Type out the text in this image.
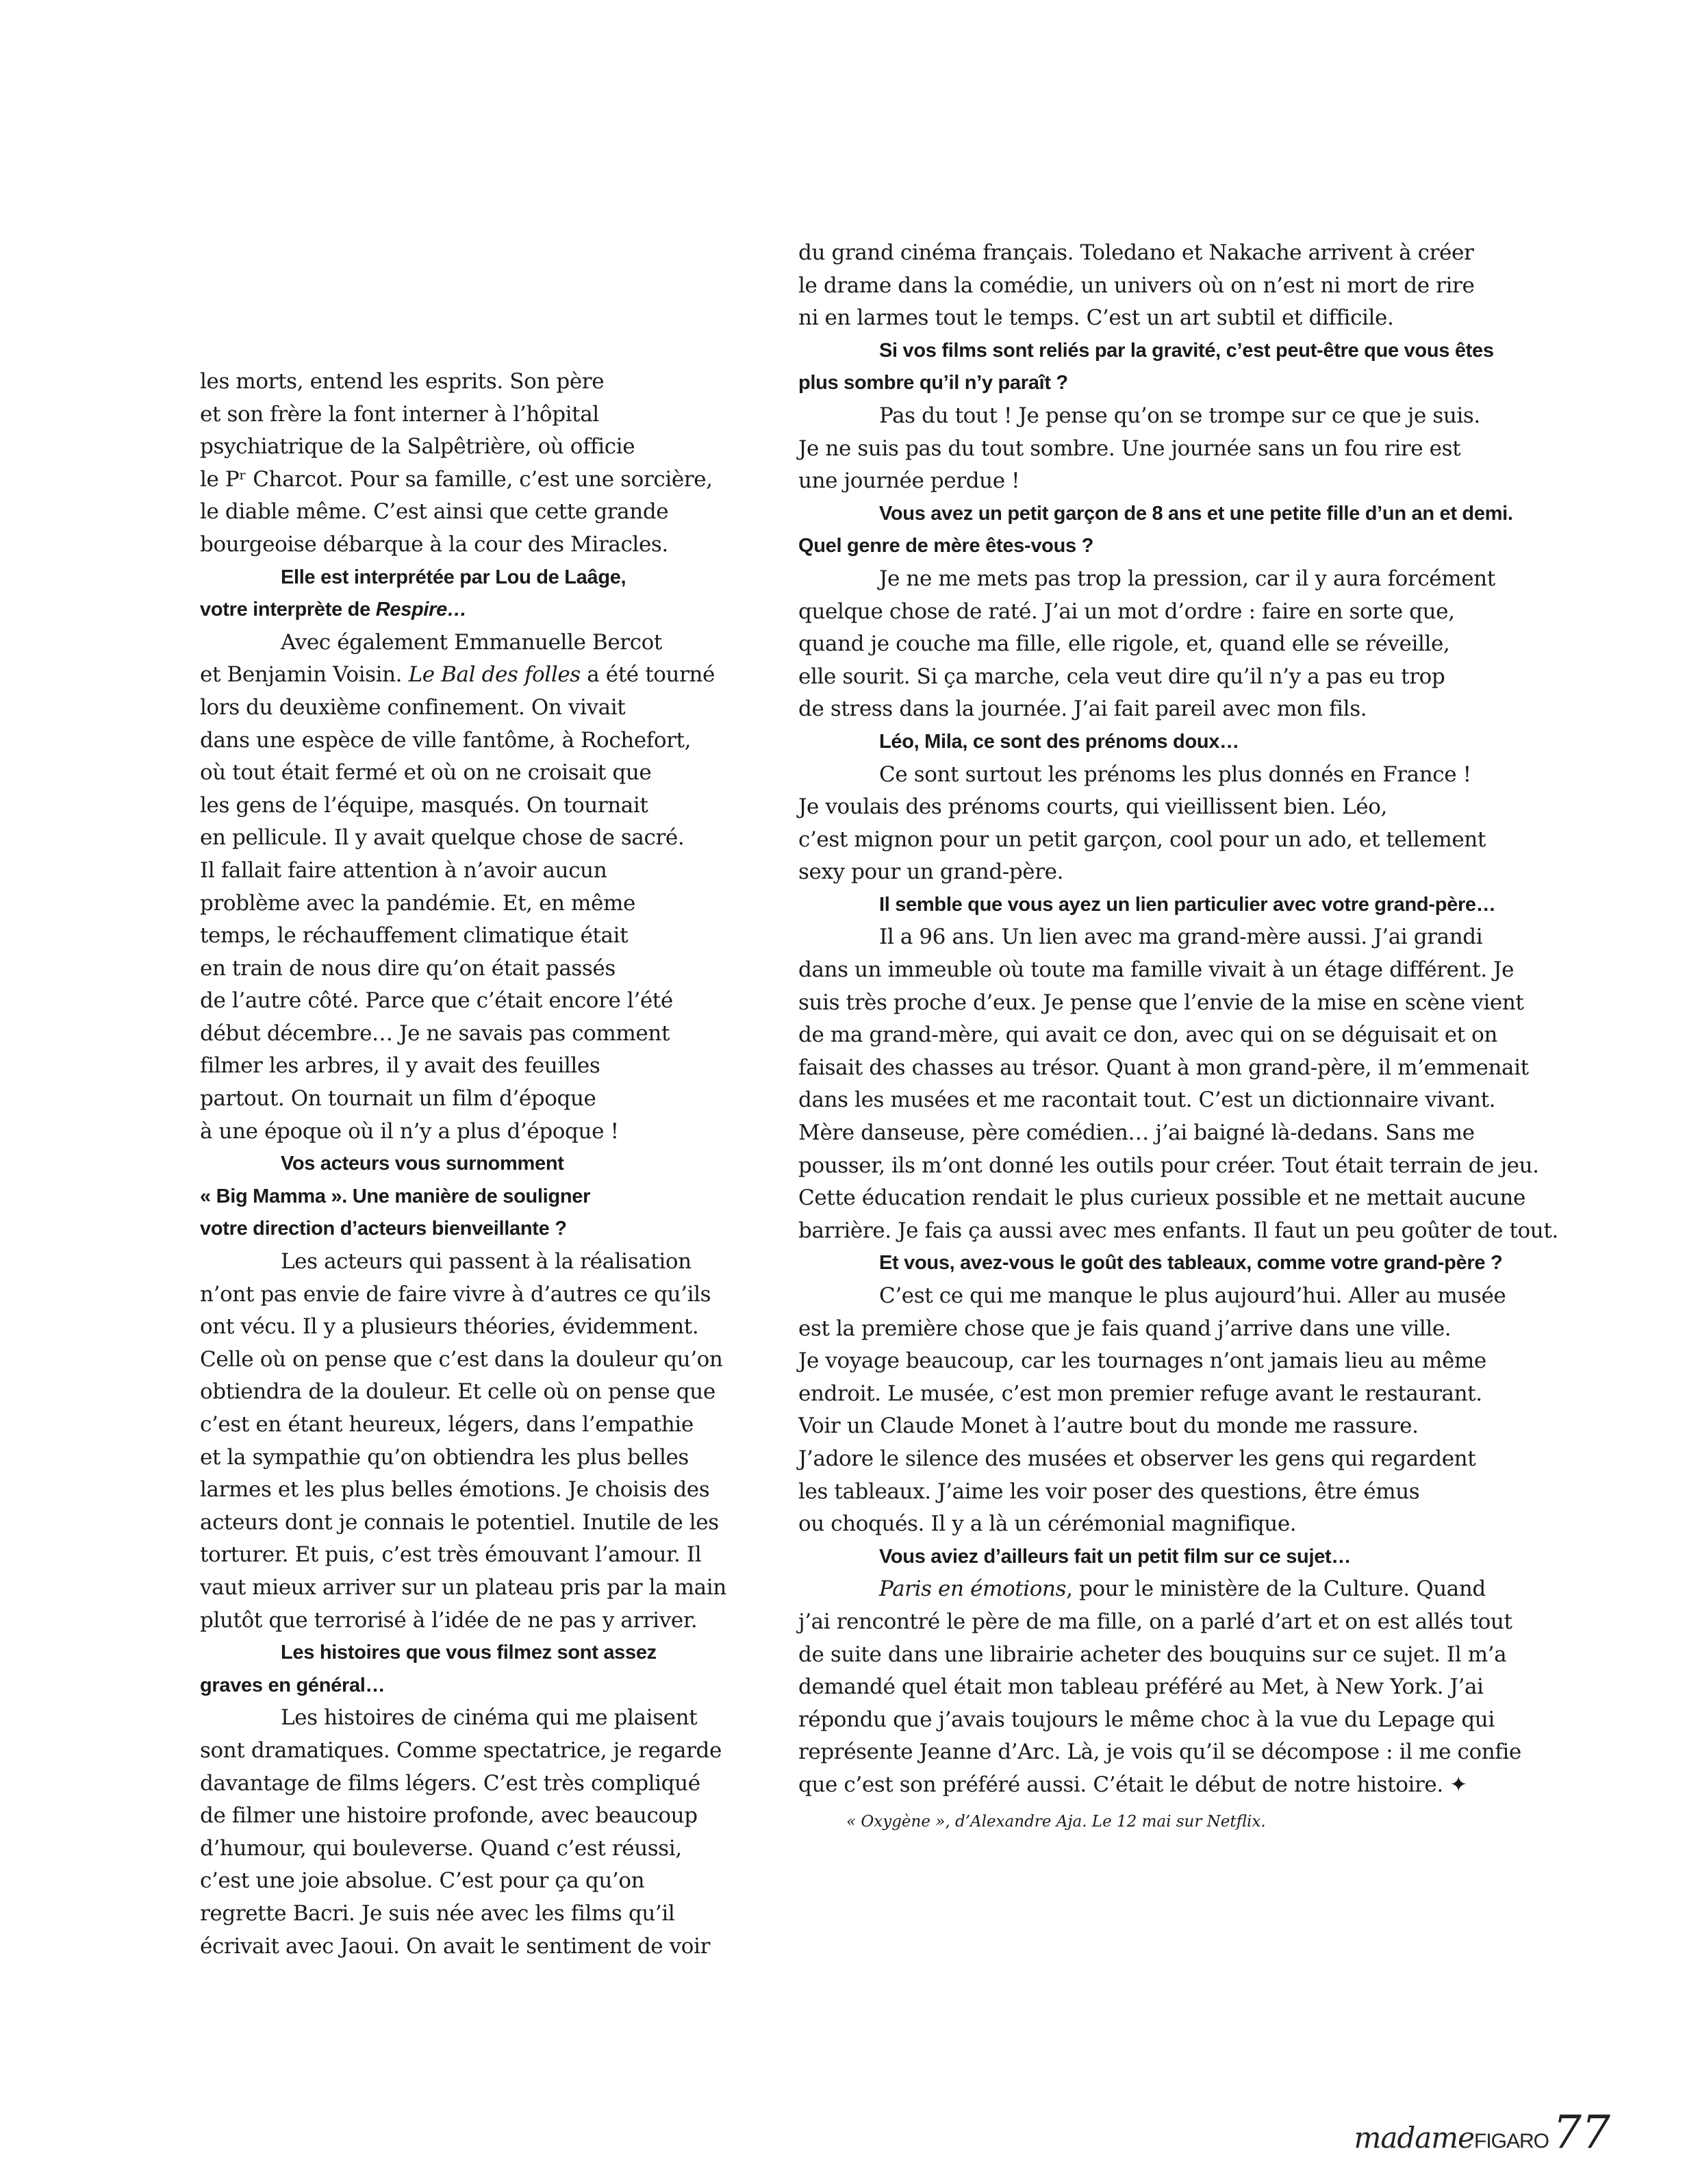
les morts, entend les esprits. Son père
et son frère la font interner à l’hôpital
psychiatrique de la Salpêtrière, où officie
le Pʳ Charcot. Pour sa famille, c’est une sorcière,
le diable même. C’est ainsi que cette grande
bourgeoise débarque à la cour des Miracles.
Elle est interprétée par Lou de Laâge,
votre interprète de Respire…
Avec également Emmanuelle Bercot
et Benjamin Voisin. Le Bal des folles a été tourné
lors du deuxième confinement. On vivait
dans une espèce de ville fantôme, à Rochefort,
où tout était fermé et où on ne croisait que
les gens de l’équipe, masqués. On tournait
en pellicule. Il y avait quelque chose de sacré.
Il fallait faire attention à n’avoir aucun
problème avec la pandémie. Et, en même
temps, le réchauffement climatique était
en train de nous dire qu’on était passés
de l’autre côté. Parce que c’était encore l’été
début décembre… Je ne savais pas comment
filmer les arbres, il y avait des feuilles
partout. On tournait un film d’époque
à une époque où il n’y a plus d’époque !
Vos acteurs vous surnomment
« Big Mamma ». Une manière de souligner
votre direction d’acteurs bienveillante ?
Les acteurs qui passent à la réalisation
n’ont pas envie de faire vivre à d’autres ce qu’ils
ont vécu. Il y a plusieurs théories, évidemment.
Celle où on pense que c’est dans la douleur qu’on
obtiendra de la douleur. Et celle où on pense que
c’est en étant heureux, légers, dans l’empathie
et la sympathie qu’on obtiendra les plus belles
larmes et les plus belles émotions. Je choisis des
acteurs dont je connais le potentiel. Inutile de les
torturer. Et puis, c’est très émouvant l’amour. Il
vaut mieux arriver sur un plateau pris par la main
plutôt que terrorisé à l’idée de ne pas y arriver.
Les histoires que vous filmez sont assez
graves en général…
Les histoires de cinéma qui me plaisent
sont dramatiques. Comme spectatrice, je regarde
davantage de films légers. C’est très compliqué
de filmer une histoire profonde, avec beaucoup
d’humour, qui bouleverse. Quand c’est réussi,
c’est une joie absolue. C’est pour ça qu’on
regrette Bacri. Je suis née avec les films qu’il
écrivait avec Jaoui. On avait le sentiment de voir
du grand cinéma français. Toledano et Nakache arrivent à créer
le drame dans la comédie, un univers où on n’est ni mort de rire
ni en larmes tout le temps. C’est un art subtil et difficile.
Si vos films sont reliés par la gravité, c’est peut-être que vous êtes
plus sombre qu’il n’y paraît ?
Pas du tout ! Je pense qu’on se trompe sur ce que je suis.
Je ne suis pas du tout sombre. Une journée sans un fou rire est
une journée perdue !
Vous avez un petit garçon de 8 ans et une petite fille d’un an et demi.
Quel genre de mère êtes-vous ?
Je ne me mets pas trop la pression, car il y aura forcément
quelque chose de raté. J’ai un mot d’ordre : faire en sorte que,
quand je couche ma fille, elle rigole, et, quand elle se réveille,
elle sourit. Si ça marche, cela veut dire qu’il n’y a pas eu trop
de stress dans la journée. J’ai fait pareil avec mon fils.
Léo, Mila, ce sont des prénoms doux…
Ce sont surtout les prénoms les plus donnés en France !
Je voulais des prénoms courts, qui vieillissent bien. Léo,
c’est mignon pour un petit garçon, cool pour un ado, et tellement
sexy pour un grand-père.
Il semble que vous ayez un lien particulier avec votre grand-père…
Il a 96 ans. Un lien avec ma grand-mère aussi. J’ai grandi
dans un immeuble où toute ma famille vivait à un étage différent. Je
suis très proche d’eux. Je pense que l’envie de la mise en scène vient
de ma grand-mère, qui avait ce don, avec qui on se déguisait et on
faisait des chasses au trésor. Quant à mon grand-père, il m’emmenait
dans les musées et me racontait tout. C’est un dictionnaire vivant.
Mère danseuse, père comédien… j’ai baigné là-dedans. Sans me
pousser, ils m’ont donné les outils pour créer. Tout était terrain de jeu.
Cette éducation rendait le plus curieux possible et ne mettait aucune
barrière. Je fais ça aussi avec mes enfants. Il faut un peu goûter de tout.
Et vous, avez-vous le goût des tableaux, comme votre grand-père ?
C’est ce qui me manque le plus aujourd’hui. Aller au musée
est la première chose que je fais quand j’arrive dans une ville.
Je voyage beaucoup, car les tournages n’ont jamais lieu au même
endroit. Le musée, c’est mon premier refuge avant le restaurant.
Voir un Claude Monet à l’autre bout du monde me rassure.
J’adore le silence des musées et observer les gens qui regardent
les tableaux. J’aime les voir poser des questions, être émus
ou choqués. Il y a là un cérémonial magnifique.
Vous aviez d’ailleurs fait un petit film sur ce sujet…
Paris en émotions, pour le ministère de la Culture. Quand
j’ai rencontré le père de ma fille, on a parlé d’art et on est allés tout
de suite dans une librairie acheter des bouquins sur ce sujet. Il m’a
demandé quel était mon tableau préféré au Met, à New York. J’ai
répondu que j’avais toujours le même choc à la vue du Lepage qui
représente Jeanne d’Arc. Là, je vois qu’il se décompose : il me confie
que c’est son préféré aussi. C’était le début de notre histoire. ✦
« Oxygène », d’Alexandre Aja. Le 12 mai sur Netflix.
madame FIGARO 77
